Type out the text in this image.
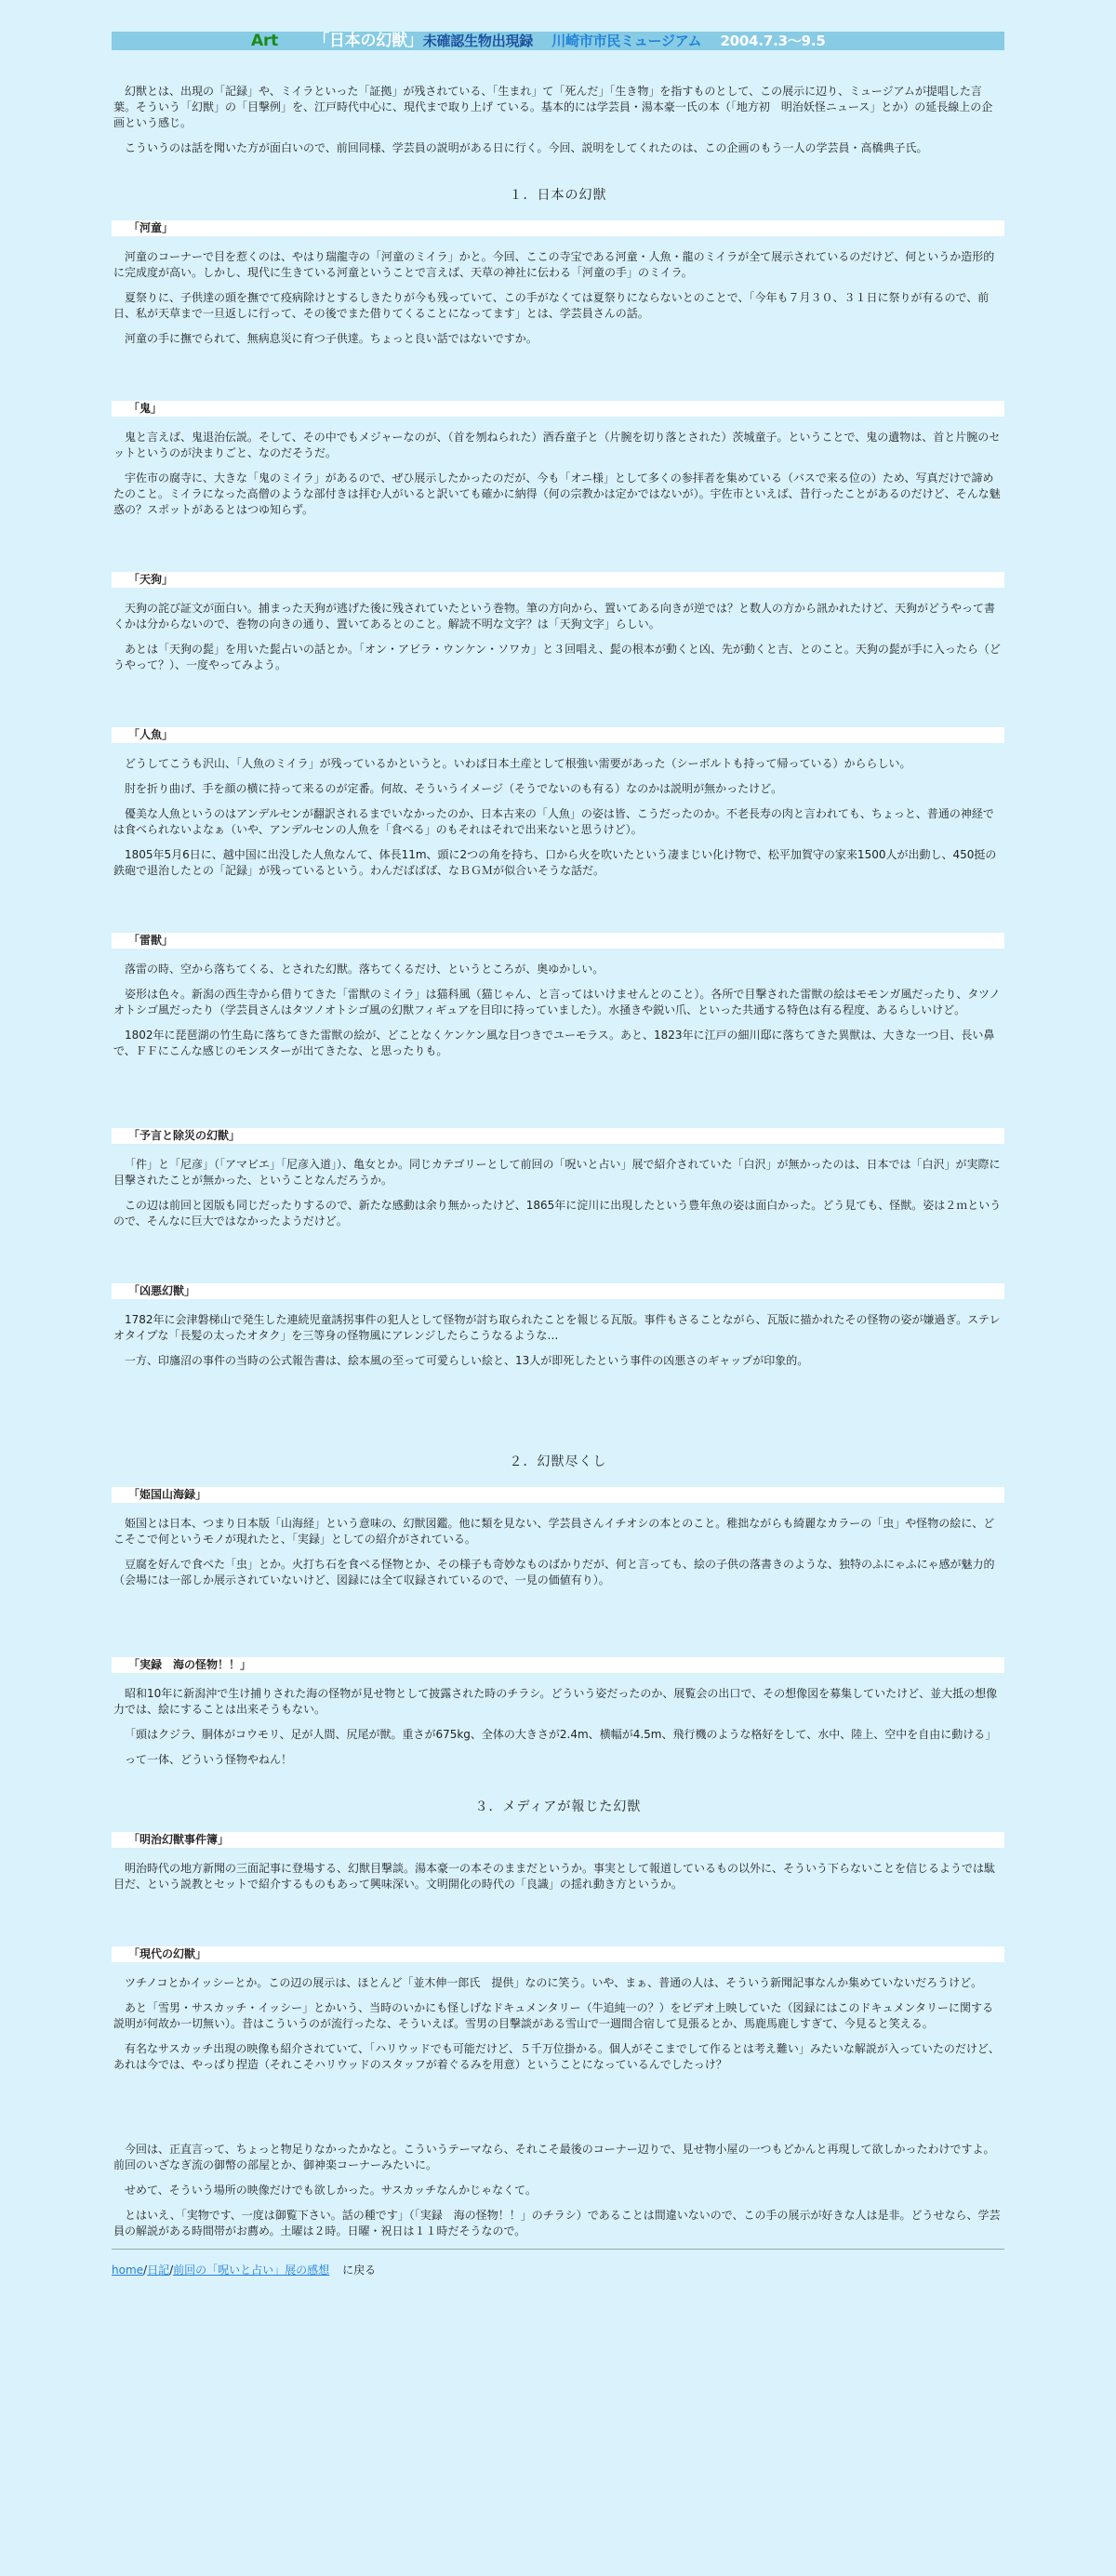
Art 「日本の幻獣」未確認生物出現録 川崎市市民ミュージアム 2004.7.3〜9.5

幻獣とは、出現の「記録」や、ミイラといった「証拠」が残されている、「生まれ」て「死んだ」「生き物」を指すものとして、この展示に辺り、ミュージアムが提唱した言葉。そういう「幻獣」の「目撃例」を、江戸時代中心に、現代まで取り上げ ている。基本的には学芸員・湯本豪一氏の本（「地方初　明治妖怪ニュース」とか）の延長線上の企画という感じ。

こういうのは話を聞いた方が面白いので、前回同様、学芸員の説明がある日に行く。今回、説明をしてくれたのは、この企画のもう一人の学芸員・高橋典子氏。

１．日本の幻獣
「河童」

河童のコーナーで目を惹くのは、やはり瑞龍寺の「河童のミイラ」かと。今回、ここの寺宝である河童・人魚・龍のミイラが全て展示されているのだけど、何というか造形的に完成度が高い。しかし、現代に生きている河童ということで言えば、天草の神社に伝わる「河童の手」のミイラ。

夏祭りに、子供達の頭を撫でて疫病除けとするしきたりが今も残っていて、この手がなくては夏祭りにならないとのことで、「今年も７月３０、３１日に祭りが有るので、前日、私が天草まで一旦返しに行って、その後でまた借りてくることになってます」とは、学芸員さんの話。

河童の手に撫でられて、無病息災に育つ子供達。ちょっと良い話ではないですか。

「鬼」

鬼と言えば、鬼退治伝説。そして、その中でもメジャーなのが、（首を刎ねられた）酒呑童子と（片腕を切り落とされた）茨城童子。ということで、鬼の遺物は、首と片腕のセットというのが決まりごと、なのだそうだ。

宇佐市の腐寺に、大きな「鬼のミイラ」があるので、ぜひ展示したかったのだが、今も「オニ様」として多くの参拝者を集めている（バスで来る位の）ため、写真だけで諦めたのこと。ミイラになった高僧のような部付きは拝む人がいると訳いても確かに納得（何の宗教かは定かではないが）。宇佐市といえば、昔行ったことがあるのだけど、そんな魅惑の？スポットがあるとはつゆ知らず。

「天狗」

天狗の詫び証文が面白い。捕まった天狗が逃げた後に残されていたという巻物。筆の方向から、置いてある向きが逆では？と数人の方から訊かれたけど、天狗がどうやって書くかは分からないので、巻物の向きの通り、置いてあるとのこと。解読不明な文字？は「天狗文字」らしい。

あとは「天狗の髭」を用いた髭占いの話とか。「オン・アビラ・ウンケン・ソワカ」と３回唱え、髭の根本が動くと凶、先が動くと吉、とのこと。天狗の髭が手に入ったら（どうやって？）、一度やってみよう。

「人魚」

どうしてこうも沢山、「人魚のミイラ」が残っているかというと。いわば日本土産として根強い需要があった（シーボルトも持って帰っている）かららしい。

肘を折り曲げ、手を顔の横に持って来るのが定番。何故、そういうイメージ（そうでないのも有る）なのかは説明が無かったけど。

優美な人魚というのはアンデルセンが翻訳されるまでいなかったのか、日本古来の「人魚」の姿は皆、こうだったのか。不老長寿の肉と言われても、ちょっと、普通の神経では食べられないよなぁ（いや、アンデルセンの人魚を「食べる」のもそれはそれで出来ないと思うけど）。

1805年5月6日に、越中国に出没した人魚なんて、体長11m、頭に2つの角を持ち、口から火を吹いたという凄まじい化け物で、松平加賀守の家来1500人が出動し、450挺の鉄砲で退治したとの「記録」が残っているという。わんだばばば、なＢＧＭが似合いそうな話だ。

「雷獣」

落雷の時、空から落ちてくる、とされた幻獣。落ちてくるだけ、というところが、奥ゆかしい。

姿形は色々。新潟の西生寺から借りてきた「雷獣のミイラ」は猫科風（猫じゃん、と言ってはいけませんとのこと）。各所で目撃された雷獣の絵はモモンガ風だったり、タツノオトシゴ風だったり（学芸員さんはタツノオトシゴ風の幻獣フィギュアを目印に持っていました）。水掻きや鋭い爪、といった共通する特色は有る程度、あるらしいけど。

1802年に琵琶湖の竹生島に落ちてきた雷獣の絵が、どことなくケンケン風な目つきでユーモラス。あと、1823年に江戸の細川邸に落ちてきた異獣は、大きな一つ目、長い鼻で、ＦＦにこんな感じのモンスターが出てきたな、と思ったりも。

「予言と除災の幻獣」

「件」と「尼彦」（「アマビエ」「尼彦入道」）、亀女とか。同じカテゴリーとして前回の「呪いと占い」展で紹介されていた「白沢」が無かったのは、日本では「白沢」が実際に目撃されたことが無かった、ということなんだろうか。

この辺は前回と図版も同じだったりするので、新たな感動は余り無かったけど、1865年に淀川に出現したという豊年魚の姿は面白かった。どう見ても、怪獣。姿は２ｍというので、そんなに巨大ではなかったようだけど。

「凶悪幻獣」

1782年に会津磐梯山で発生した連続児童誘拐事件の犯人として怪物が討ち取られたことを報じる瓦版。事件もさることながら、瓦版に描かれたその怪物の姿が嫌過ぎ。ステレオタイプな「長髪の太ったオタク」を三等身の怪物風にアレンジしたらこうなるような…

一方、印旛沼の事件の当時の公式報告書は、絵本風の至って可愛らしい絵と、13人が即死したという事件の凶悪さのギャップが印象的。

２．幻獣尽くし
「姫国山海録」

姫国とは日本、つまり日本版「山海経」という意味の、幻獣図鑑。他に類を見ない、学芸員さんイチオシの本とのこと。稚拙ながらも綺麗なカラーの「虫」や怪物の絵に、どこそこで何というモノが現れたと、「実録」としての紹介がされている。

豆腐を好んで食べた「虫」とか。火打ち石を食べる怪物とか、その様子も奇妙なものばかりだが、何と言っても、絵の子供の落書きのような、独特のふにゃふにゃ感が魅力的（会場には一部しか展示されていないけど、図録には全て収録されているので、一見の価値有り）。

「実録　海の怪物！！」

昭和10年に新潟沖で生け捕りされた海の怪物が見せ物として披露された時のチラシ。どういう姿だったのか、展覧会の出口で、その想像図を募集していたけど、並大抵の想像力では、絵にすることは出来そうもない。

「頭はクジラ、胴体がコウモリ、足が人間、尻尾が獣。重さが675kg、全体の大きさが2.4m、横幅が4.5m、飛行機のような格好をして、水中、陸上、空中を自由に動ける」

って一体、どういう怪物やねん！

３．メディアが報じた幻獣
「明治幻獣事件簿」

明治時代の地方新聞の三面記事に登場する、幻獣目撃談。湯本豪一の本そのままだというか。事実として報道しているもの以外に、そういう下らないことを信じるようでは駄目だ、という説教とセットで紹介するものもあって興味深い。文明開化の時代の「良識」の揺れ動き方というか。

「現代の幻獣」

ツチノコとかイッシーとか。この辺の展示は、ほとんど「並木伸一郎氏　提供」なのに笑う。いや、まぁ、普通の人は、そういう新聞記事なんか集めていないだろうけど。

あと「雪男・サスカッチ・イッシー」とかいう、当時のいかにも怪しげなドキュメンタリー（牛追純一の？）をビデオ上映していた（図録にはこのドキュメンタリーに関する説明が何故か一切無い）。昔はこういうのが流行ったな、そういえば。雪男の目撃談がある雪山で一週間合宿して見張るとか、馬鹿馬鹿しすぎて、今見ると笑える。

有名なサスカッチ出現の映像も紹介されていて、「ハリウッドでも可能だけど、５千万位掛かる。個人がそこまでして作るとは考え難い」みたいな解説が入っていたのだけど、あれは今では、やっぱり捏造（それこそハリウッドのスタッフが着ぐるみを用意）ということになっているんでしたっけ？

今回は、正直言って、ちょっと物足りなかったかなと。こういうテーマなら、それこそ最後のコーナー辺りで、見せ物小屋の一つもどかんと再現して欲しかったわけですよ。前回のいざなぎ流の御幣の部屋とか、御神楽コーナーみたいに。

せめて、そういう場所の映像だけでも欲しかった。サスカッチなんかじゃなくて。

とはいえ、「実物です、一度は御覧下さい。話の種です」（「実録　海の怪物！！」のチラシ）であることは間違いないので、この手の展示が好きな人は是非。どうせなら、学芸員の解説がある時間帯がお薦め。土曜は２時。日曜・祝日は１１時だそうなので。

home/日記/前回の「呪いと占い」展の感想 に戻る
